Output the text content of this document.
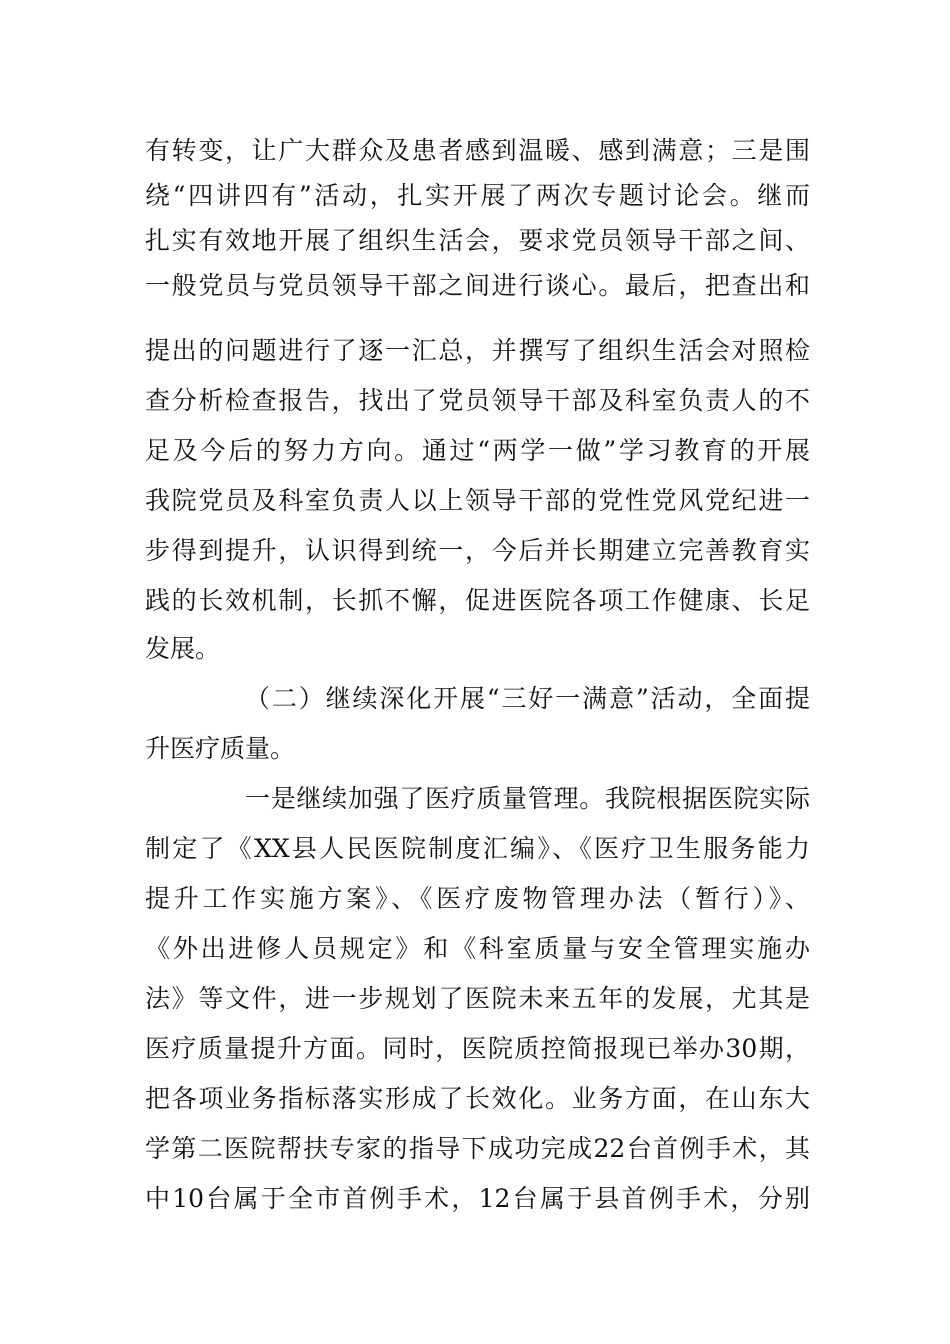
有转变，让广大群众及患者感到温暖、感到满意；三是围
绕“四讲四有”活动，扎实开展了两次专题讨论会。继而
扎实有效地开展了组织生活会，要求党员领导干部之间、
一般党员与党员领导干部之间进行谈心。最后，把查出和
提出的问题进行了逐一汇总，并撰写了组织生活会对照检
查分析检查报告，找出了党员领导干部及科室负责人的不
足及今后的努力方向。通过“两学一做”学习教育的开展
我院党员及科室负责人以上领导干部的党性党风党纪进一
步得到提升，认识得到统一，今后并长期建立完善教育实
践的长效机制，长抓不懈，促进医院各项工作健康、长足
发展。
（二）继续深化开展“三好一满意”活动，全面提
升医疗质量。
一是继续加强了医疗质量管理。我院根据医院实际
制定了《XX县人民医院制度汇编》、《医疗卫生服务能力
提升工作实施方案》、《医疗废物管理办法（暂行）》、
《外出进修人员规定》和《科室质量与安全管理实施办
法》等文件，进一步规划了医院未来五年的发展，尤其是
医疗质量提升方面。同时，医院质控简报现已举办30期，
把各项业务指标落实形成了长效化。业务方面，在山东大
学第二医院帮扶专家的指导下成功完成22台首例手术，其
中10台属于全市首例手术，12台属于县首例手术，分别
